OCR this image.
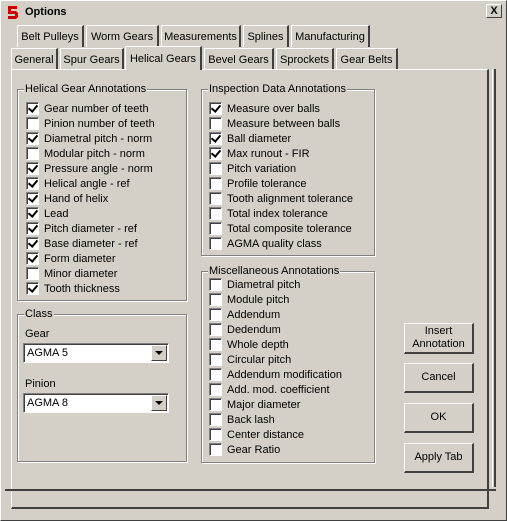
Options	X
Belt Pulleys Worm Gears Measurements Splines Manufacturing
General Spur Gears Helical Gears Bevel Gears Sprockets Gear Belts
Helical Gear Annotations
Gear number of teeth
Pinion number of teeth
Diametral pitch - norm
Modular pitch - norm
Pressure angle - norm
Helical angle - ref
Hand of helix
Lead
Pitch diameter - ref
Base diameter - ref
Form diameter
Minor diameter
Tooth thickness
Inspection Data Annotations
Measure over balls
Measure between balls
Ball diameter
Max runout - FIR
Pitch variation
Profile tolerance
Tooth alignment tolerance
Total index tolerance
Total composite tolerance
AGMA quality class
Miscellaneous Annotations
Diametral pitch
Module pitch
Addendum
Dedendum
Whole depth
Circular pitch
Addendum modification
Add. mod. coefficient
Major diameter
Back lash
Center distance
Gear Ratio
Class
Gear
AGMA 5
Pinion
AGMA 8
Insert
Annotation
Cancel
OK
Apply Tab
